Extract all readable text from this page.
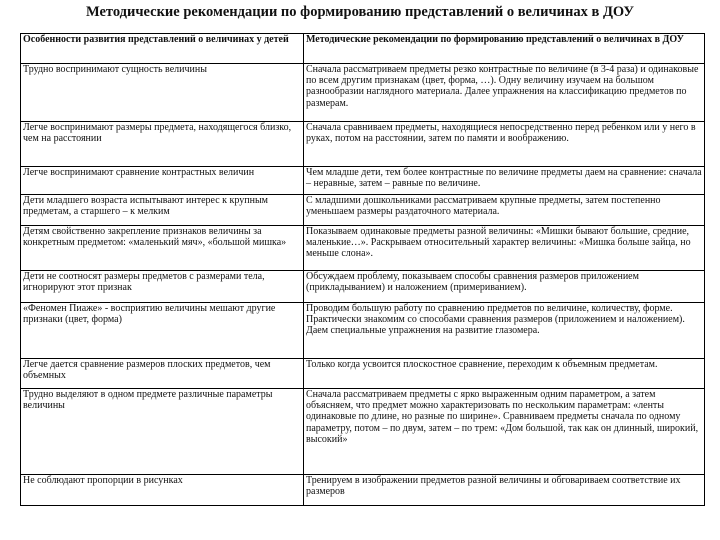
Методические рекомендации по формированию представлений о величинах в ДОУ
Особенности развития представлений о величинах у детей	Методические рекомендации по формированию представлений о величинах в ДОУ
Трудно воспринимают сущность величины	Сначала рассматриваем предметы резко контрастные по величине (в 3-4 раза) и одинаковые по всем другим признакам (цвет, форма, …). Одну величину изучаем на большом разнообразии наглядного материала. Далее упражнения на классификацию предметов по размерам.
Легче воспринимают размеры предмета, находящегося близко, чем на расстоянии	Сначала сравниваем предметы, находящиеся непосредственно перед ребенком или у него в руках, потом на расстоянии, затем по памяти и воображению.
Легче воспринимают сравнение контрастных величин	Чем младше дети, тем более контрастные по величине предметы даем на сравнение: сначала – неравные, затем – равные по величине.
Дети младшего возраста испытывают интерес к крупным предметам, а старшего – к мелким	С младшими дошкольниками рассматриваем крупные предметы, затем постепенно уменьшаем размеры раздаточного материала.
Детям свойственно закрепление признаков величины за конкретным предметом: «маленький мяч», «большой мишка»	Показываем одинаковые предметы разной величины: «Мишки бывают большие, средние, маленькие…». Раскрываем относительный характер величины: «Мишка больше зайца, но меньше слона».
Дети не соотносят размеры предметов с размерами тела, игнорируют этот признак	Обсуждаем проблему, показываем способы сравнения размеров приложением (прикладыванием) и наложением (примериванием).
«Феномен Пиаже» - восприятию величины мешают другие признаки (цвет, форма)	Проводим большую работу по сравнению предметов по величине, количеству, форме. Практически знакомим со способами сравнения размеров (приложением и наложением). Даем специальные упражнения на развитие глазомера.
Легче дается сравнение размеров плоских предметов, чем объемных	Только когда усвоится плоскостное сравнение, переходим к объемным предметам.
Трудно выделяют в одном предмете различные параметры величины	Сначала рассматриваем предметы с ярко выраженным одним параметром, а затем объясняем, что предмет можно характеризовать по нескольким параметрам: «ленты одинаковые по длине, но разные по ширине». Сравниваем предметы сначала по одному параметру, потом – по двум, затем – по трем: «Дом большой, так как он длинный, широкий, высокий»
Не соблюдают пропорции в рисунках	Тренируем в изображении предметов разной величины и обговариваем соответствие их размеров
